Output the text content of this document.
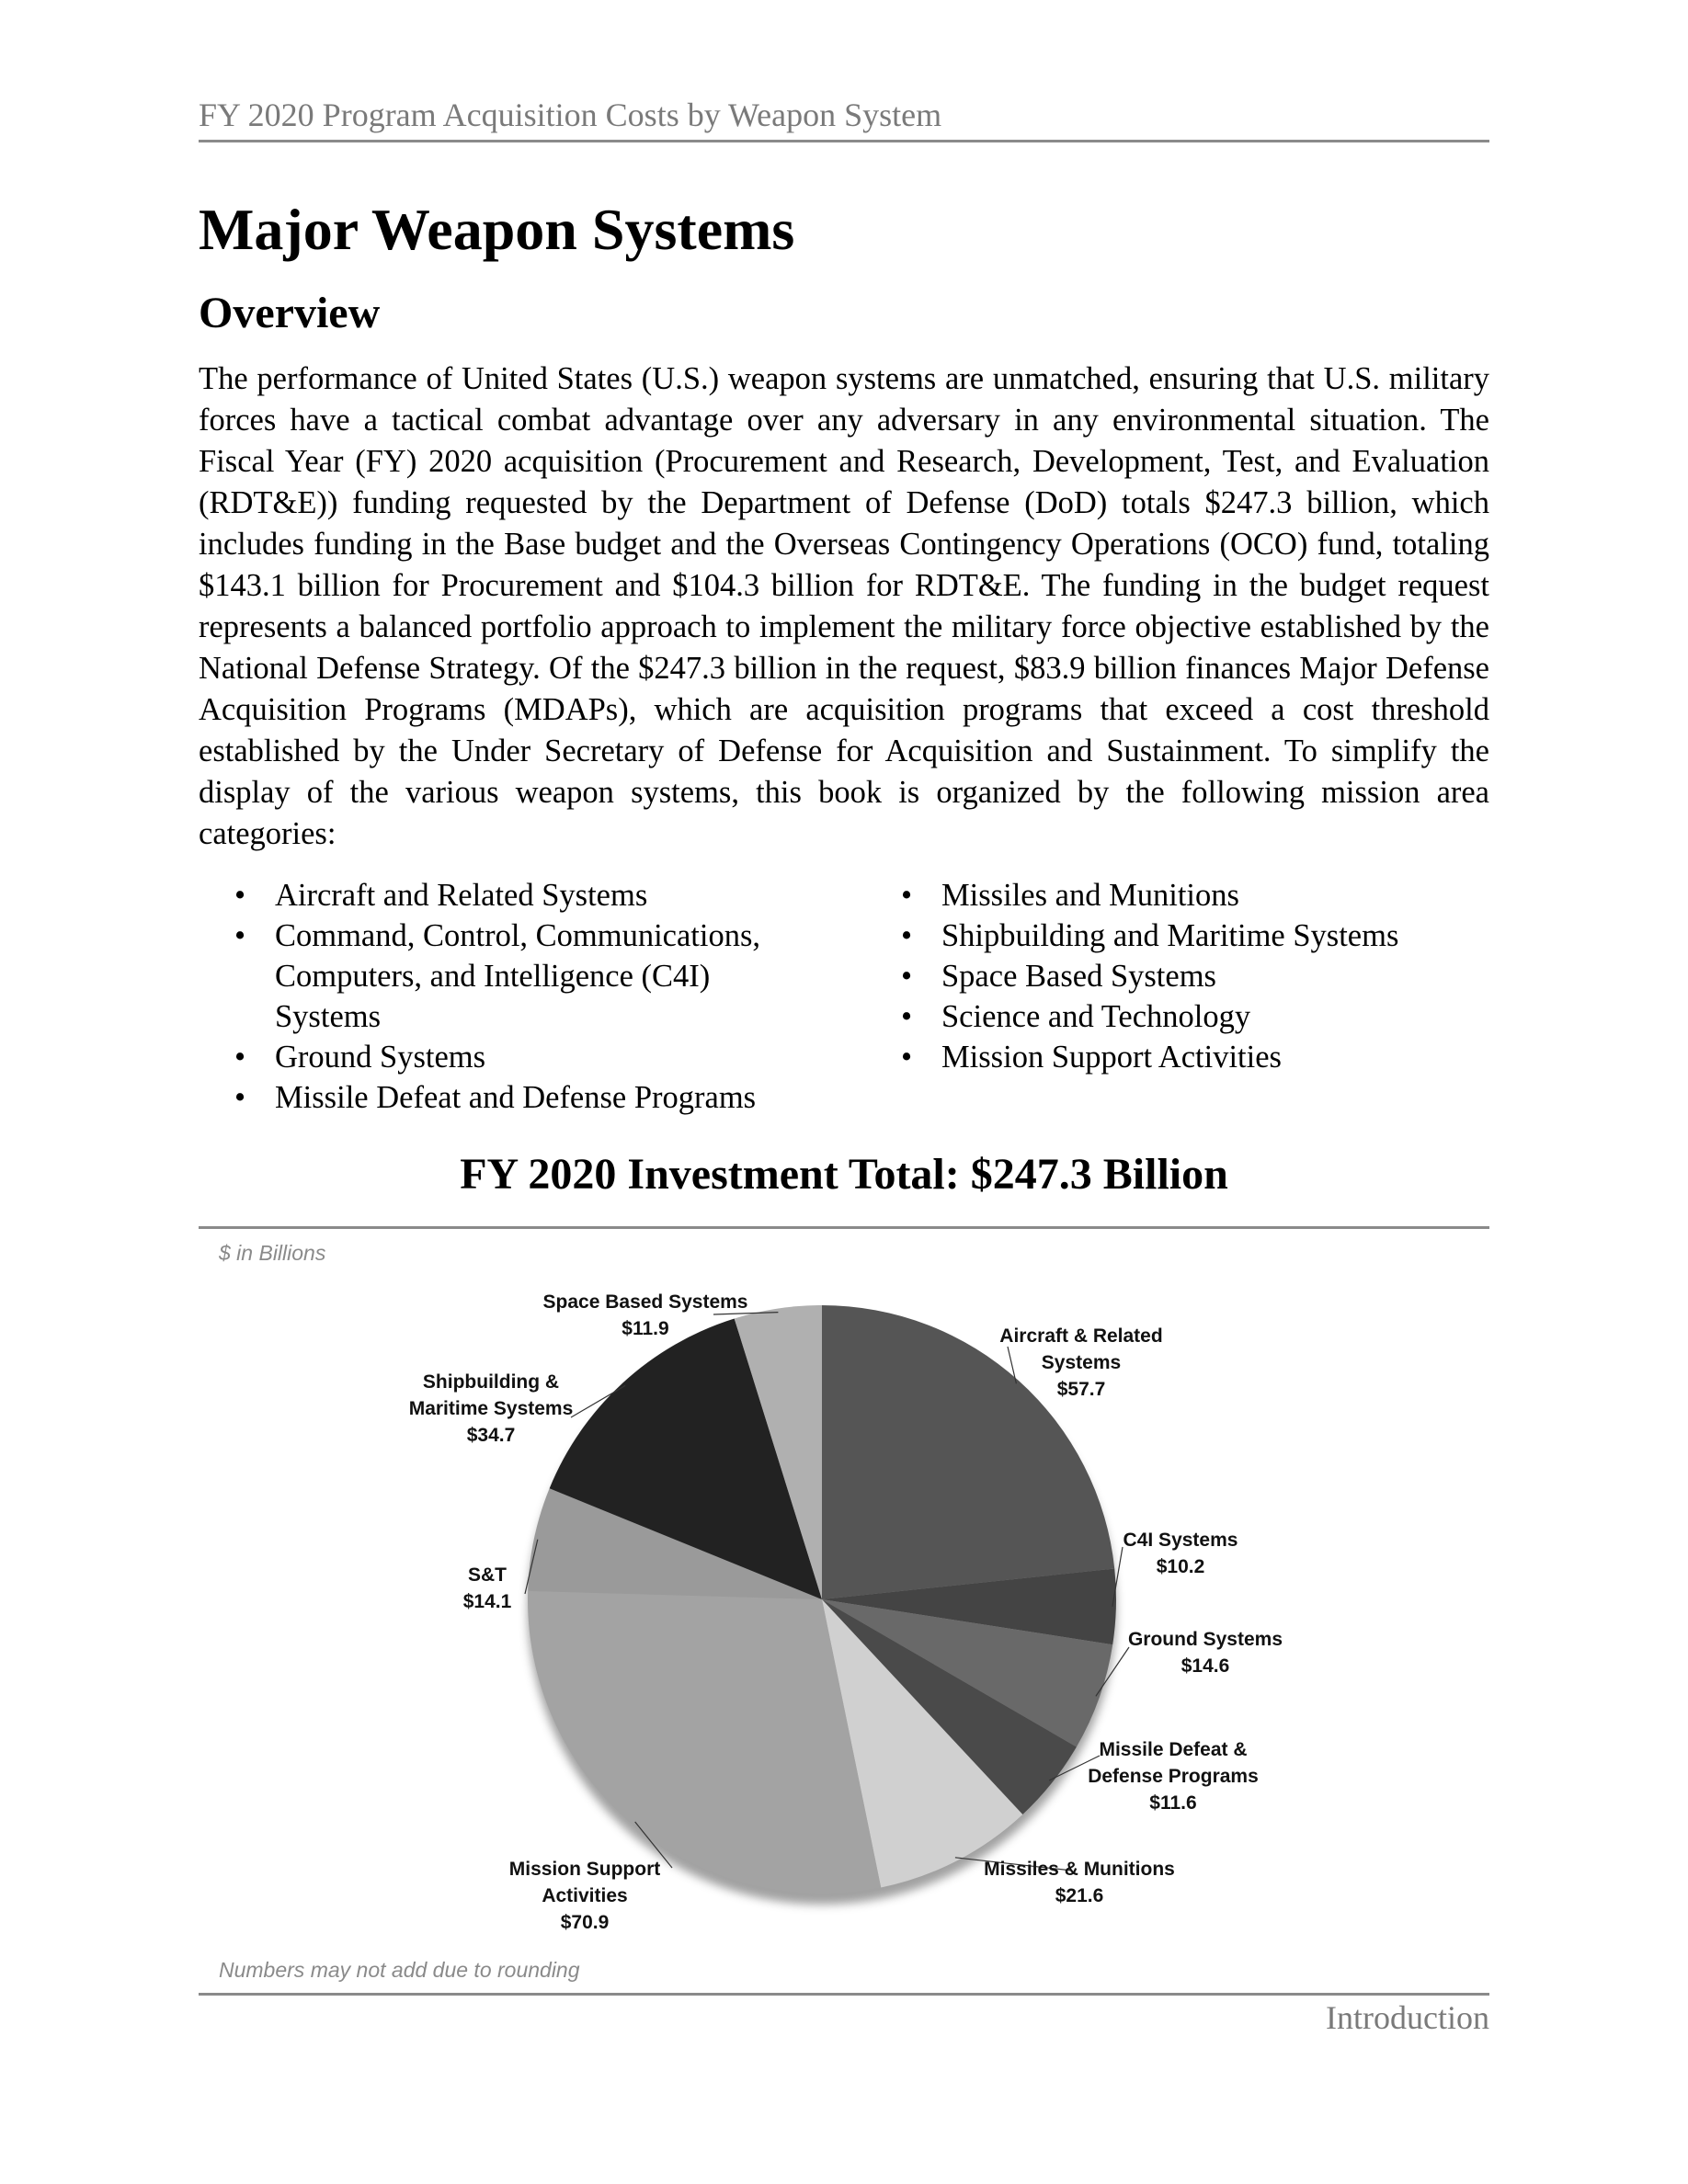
FY 2020 Program Acquisition Costs by Weapon System
Major Weapon Systems
Overview

The performance of United States (U.S.) weapon systems are unmatched, ensuring that U.S. military forces have a tactical combat advantage over any adversary in any environmental situation. The Fiscal Year (FY) 2020 acquisition (Procurement and Research, Development, Test, and Evaluation (RDT&E)) funding requested by the Department of Defense (DoD) totals $247.3 billion, which includes funding in the Base budget and the Overseas Contingency Operations (OCO) fund, totaling $143.1 billion for Procurement and $104.3 billion for RDT&E. The funding in the budget request represents a balanced portfolio approach to implement the military force objective established by the National Defense Strategy. Of the $247.3 billion in the request, $83.9 billion finances Major Defense Acquisition Programs (MDAPs), which are acquisition programs that exceed a cost threshold established by the Under Secretary of Defense for Acquisition and Sustainment. To simplify the display of the various weapon systems, this book is organized by the following mission area categories:

• Aircraft and Related Systems
• Command, Control, Communications, Computers, and Intelligence (C4I) Systems
• Ground Systems
• Missile Defeat and Defense Programs
• Missiles and Munitions
• Shipbuilding and Maritime Systems
• Space Based Systems
• Science and Technology
• Mission Support Activities
FY 2020 Investment Total: $247.3 Billion
$ in Billions
Aircraft & Related Systems $57.7
C4I Systems $10.2
Ground Systems $14.6
Missile Defeat & Defense Programs $11.6
Missiles & Munitions $21.6
Mission Support Activities $70.9
S&T $14.1
Shipbuilding & Maritime Systems $34.7
Space Based Systems $11.9
Numbers may not add due to rounding
Introduction
